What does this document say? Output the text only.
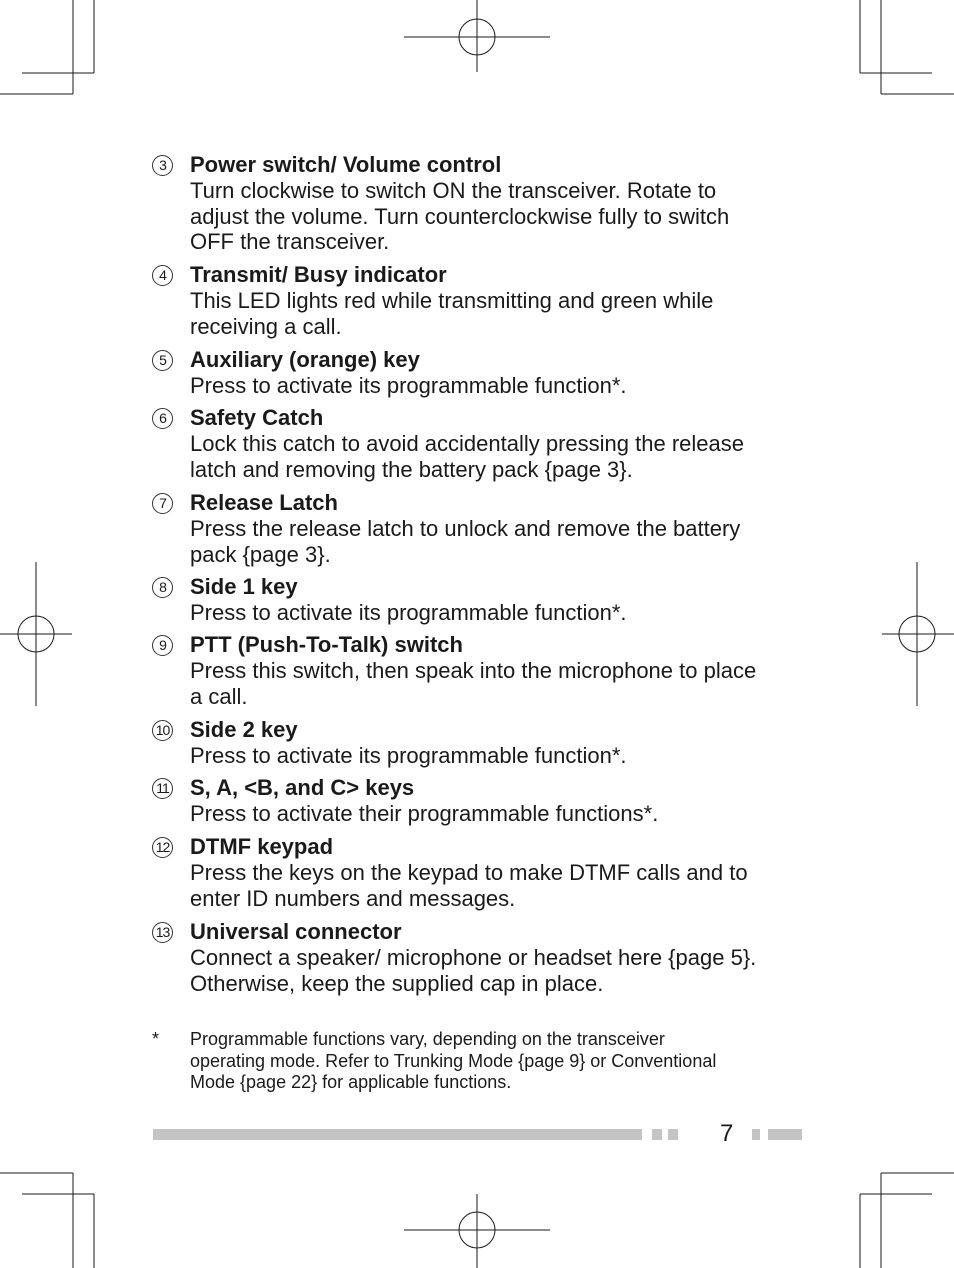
3	Power switch/ Volume control
Turn clockwise to switch ON the transceiver. Rotate to
adjust the volume. Turn counterclockwise fully to switch
OFF the transceiver.
4	Transmit/ Busy indicator
This LED lights red while transmitting and green while
receiving a call.
5	Auxiliary (orange) key
Press to activate its programmable function*.
6	Safety Catch
Lock this catch to avoid accidentally pressing the release
latch and removing the battery pack {page 3}.
7	Release Latch
Press the release latch to unlock and remove the battery
pack {page 3}.
8	Side 1 key
Press to activate its programmable function*.
9	PTT (Push-To-Talk) switch
Press this switch, then speak into the microphone to place
a call.
10 Side 2 key
Press to activate its programmable function*.
11 S, A, <B, and C> keys
Press to activate their programmable functions*.
12 DTMF keypad
Press the keys on the keypad to make DTMF calls and to
enter ID numbers and messages.
13 Universal connector
Connect a speaker/ microphone or headset here {page 5}.
Otherwise, keep the supplied cap in place.
* Programmable functions vary, depending on the transceiver
operating mode. Refer to Trunking Mode {page 9} or Conventional
Mode {page 22} for applicable functions.
7
